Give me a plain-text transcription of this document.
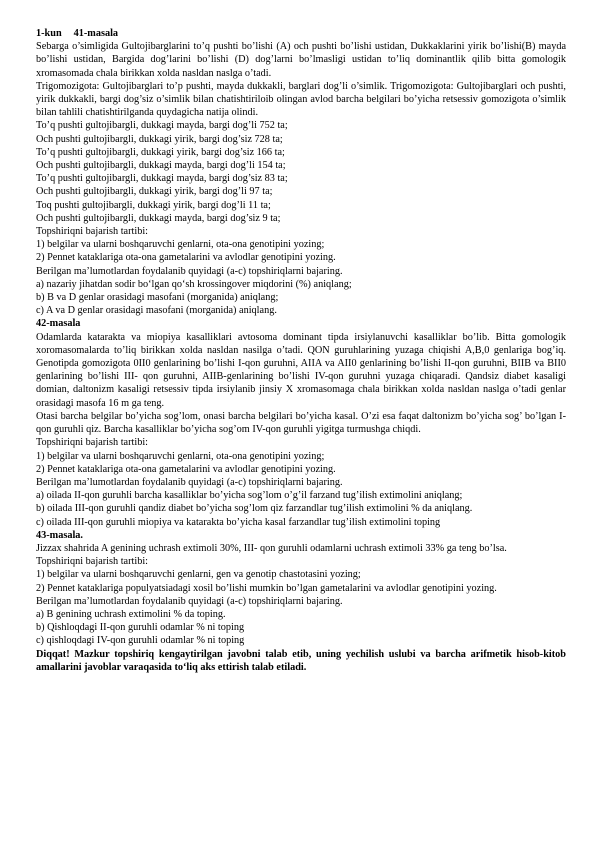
1-kun 41-masala

Sebarga o’simligida Gultojibarglarini to’q pushti bo’lishi (A) och pushti bo’lishi ustidan, Dukkaklarini yirik bo’lishi(B) mayda bo’lishi ustidan, Bargida dog’larini bo’lishi (D) dog’larni bo’lmasligi ustidan to’liq dominantlik qilib bitta gomologik xromasomada chala birikkan xolda nasldan naslga o’tadi.

Trigomozigota: Gultojibarglari to’p pushti, mayda dukkakli, barglari dog’li o’simlik. Trigomozigota: Gultojibarglari och pushti, yirik dukkakli, bargi dog’siz o’simlik bilan chatishtiriloib olingan avlod barcha belgilari bo’yicha retsessiv gomozigota o’simlik bilan tahlili chatishtirilganda quydagicha natija olindi.

To’q pushti gultojibargli, dukkagi mayda, bargi dog’li 752 ta;

Och pushti gultojibargli, dukkagi yirik, bargi dog’siz 728 ta;

To’q pushti gultojibargli, dukkagi yirik, bargi dog’siz 166 ta;

Och pushti gultojibargli, dukkagi mayda, bargi dog’li 154 ta;

To’q pushti gultojibargli, dukkagi mayda, bargi dog’siz 83 ta;

Och pushti gultojibargli, dukkagi yirik, bargi dog’li 97 ta;

Toq pushti gultojibargli, dukkagi yirik, bargi dog’li 11 ta;

Och pushti gultojibargli, dukkagi mayda, bargi dog’siz 9 ta;

Topshiriqni bajarish tartibi:

1) belgilar va ularni boshqaruvchi genlarni, ota-ona genotipini yozing;

2) Pennet kataklariga ota-ona gametalarini va avlodlar genotipini yozing.

Berilgan ma’lumotlardan foydalanib quyidagi (a-c) topshiriqlarni bajaring.

a) nazariy jihatdan sodir bo‘lgan qo‘sh krossingover miqdorini (%) aniqlang;

b) B va D genlar orasidagi masofani (morganida) aniqlang;

c) A va D genlar orasidagi masofani (morganida) aniqlang.

42-masala

Odamlarda katarakta va miopiya kasalliklari avtosoma dominant tipda irsiylanuvchi kasalliklar bo’lib. Bitta gomologik xoromasomalarda to’liq birikkan xolda nasldan nasilga o’tadi. QON guruhlarining yuzaga chiqishi A,B,0 genlariga bog’iq. Genotipda gomozigota 0II0 genlarining bo’lishi I-qon guruhni, AIIA va AII0 genlarining bo’lishi II-qon guruhni, BIIB va BII0 genlarining bo’lishi III- qon guruhni, AIIB-genlarining bo’lishi IV-qon guruhni yuzaga chiqaradi. Qandsiz diabet kasaligi domian, daltonizm kasaligi retsessiv tipda irsiylanib jinsiy X xromasomaga chala birikkan xolda nasldan naslga o’tadi genlar orasidagi masofa 16 m ga teng.

Otasi barcha belgilar bo’yicha sog’lom, onasi barcha belgilari bo’yicha kasal. O’zi esa faqat daltonizm bo’yicha sog’ bo’lgan I-qon guruhli qiz. Barcha kasalliklar bo’yicha sog’om IV-qon guruhli yigitga turmushga chiqdi.

Topshiriqni bajarish tartibi:

1) belgilar va ularni boshqaruvchi genlarni, ota-ona genotipini yozing;

2) Pennet kataklariga ota-ona gametalarini va avlodlar genotipini yozing.

Berilgan ma’lumotlardan foydalanib quyidagi (a-c) topshiriqlarni bajaring.

a) oilada II-qon guruhli barcha kasalliklar bo’yicha sog’lom o’g’il farzand tug’ilish extimolini aniqlang;

b) oilada III-qon guruhli qandiz diabet bo’yicha sog’lom qiz farzandlar tug’ilish extimolini % da aniqlang.

c) oilada III-qon guruhli miopiya va katarakta bo’yicha kasal farzandlar tug’ilish extimolini toping

43-masala.

Jizzax shahrida A genining uchrash extimoli 30%, III- qon guruhli odamlarni uchrash extimoli 33% ga teng bo’lsa.

Topshiriqni bajarish tartibi:

1) belgilar va ularni boshqaruvchi genlarni, gen va genotip chastotasini yozing;

2) Pennet kataklariga populyatsiadagi xosil bo’lishi mumkin bo’lgan gametalarini va avlodlar genotipini yozing.

Berilgan ma’lumotlardan foydalanib quyidagi (a-c) topshiriqlarni bajaring.

a) B genining uchrash extimolini % da toping.

b) Qishloqdagi II-qon guruhli odamlar % ni toping

c) qishloqdagi IV-qon guruhli odamlar % ni toping

Diqqat! Mazkur topshiriq kengaytirilgan javobni talab etib, uning yechilish uslubi va barcha arifmetik hisob-kitob amallarini javoblar varaqasida to‘liq aks ettirish talab etiladi.
